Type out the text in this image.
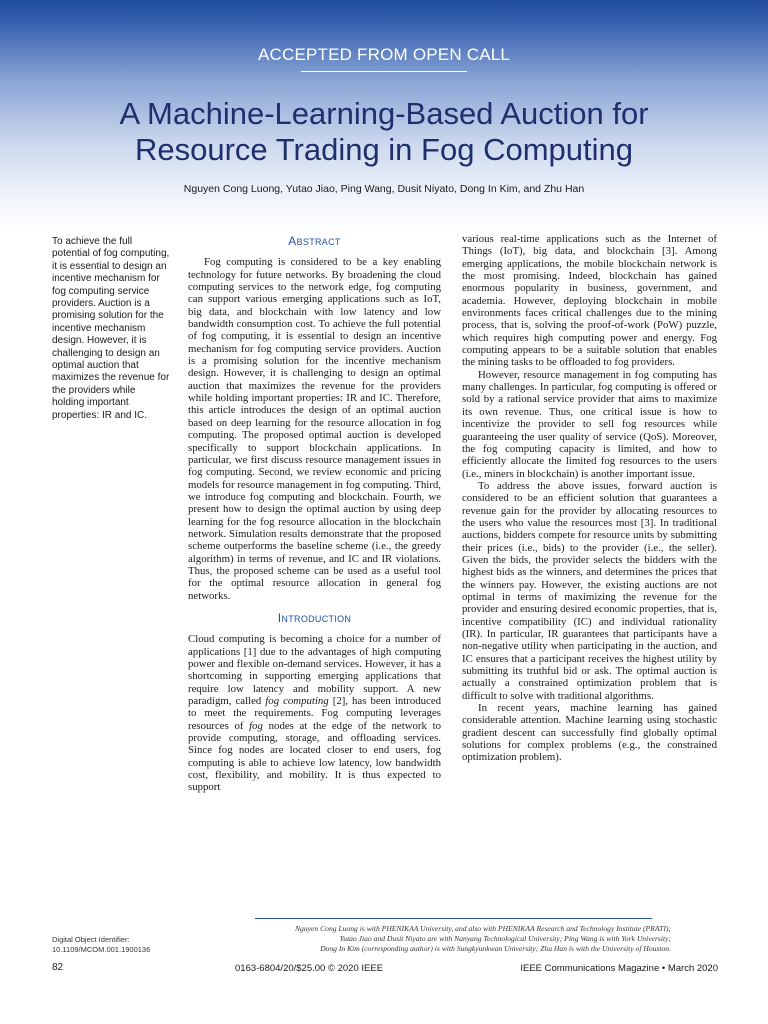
ACCEPTED FROM OPEN CALL
A Machine-Learning-Based Auction for
Resource Trading in Fog Computing
Nguyen Cong Luong, Yutao Jiao, Ping Wang, Dusit Niyato, Dong In Kim, and Zhu Han
To achieve the full potential of fog computing, it is essential to design an incentive mechanism for fog computing service providers. Auction is a promising solution for the incentive mechanism design. However, it is challenging to design an optimal auction that maximizes the revenue for the providers while holding important properties: IR and IC.
ABSTRACT

Fog computing is considered to be a key enabling technology for future networks. By broadening the cloud computing services to the network edge, fog computing can support various emerging applications such as IoT, big data, and blockchain with low latency and low bandwidth consumption cost. To achieve the full potential of fog computing, it is essential to design an incentive mechanism for fog computing service providers. Auction is a promising solution for the incentive mechanism design. However, it is challenging to design an optimal auction that maximizes the revenue for the providers while holding important properties: IR and IC. Therefore, this article introduces the design of an optimal auction based on deep learning for the resource allocation in fog computing. The proposed optimal auction is developed specifically to support blockchain applications. In particular, we first discuss resource management issues in fog computing. Second, we review economic and pricing models for resource management in fog computing. Third, we introduce fog computing and blockchain. Fourth, we present how to design the optimal auction by using deep learning for the fog resource allocation in the blockchain network. Simulation results demonstrate that the proposed scheme outperforms the baseline scheme (i.e., the greedy algorithm) in terms of revenue, and IC and IR violations. Thus, the proposed scheme can be used as a useful tool for the optimal resource allocation in general fog networks.

INTRODUCTION

Cloud computing is becoming a choice for a number of applications [1] due to the advantages of high computing power and flexible on-demand services. However, it has a shortcoming in supporting emerging applications that require low latency and mobility support. A new paradigm, called fog computing [2], has been introduced to meet the requirements. Fog computing leverages resources of fog nodes at the edge of the network to provide computing, storage, and offloading services. Since fog nodes are located closer to end users, fog computing is able to achieve low latency, low bandwidth cost, flexibility, and mobility. It is thus expected to support

various real-time applications such as the Internet of Things (IoT), big data, and blockchain [3]. Among emerging applications, the mobile blockchain network is the most promising. Indeed, blockchain has gained enormous popularity in business, government, and academia. However, deploying blockchain in mobile environments faces critical challenges due to the mining process, that is, solving the proof-of-work (PoW) puzzle, which requires high computing power and energy. Fog computing appears to be a suitable solution that enables the mining tasks to be offloaded to fog providers.

However, resource management in fog computing has many challenges. In particular, fog computing is offered or sold by a rational service provider that aims to maximize its own revenue. Thus, one critical issue is how to incentivize the provider to sell fog resources while guaranteeing the user quality of service (QoS). Moreover, the fog computing capacity is limited, and how to efficiently allocate the limited fog resources to the users (i.e., miners in blockchain) is another important issue.

To address the above issues, forward auction is considered to be an efficient solution that guarantees a revenue gain for the provider by allocating resources to the users who value the resources most [3]. In traditional auctions, bidders compete for resource units by submitting their prices (i.e., bids) to the provider (i.e., the seller). Given the bids, the provider selects the bidders with the highest bids as the winners, and determines the prices that the winners pay. However, the existing auctions are not optimal in terms of maximizing the revenue for the provider and ensuring desired economic properties, that is, incentive compatibility (IC) and individual rationality (IR). In particular, IR guarantees that participants have a non-negative utility when participating in the auction, and IC ensures that a participant receives the highest utility by submitting its truthful bid or ask. The optimal auction is actually a constrained optimization problem that is difficult to solve with traditional algorithms.

In recent years, machine learning has gained considerable attention. Machine learning using stochastic gradient descent can successfully find globally optimal solutions for complex problems (e.g., the constrained optimization problem).

Nguyen Cong Luong is with PHENIKAA University, and also with PHENIKAA Research and Technology Institute (PRATI);
Yutao Jiao and Dusit Niyato are with Nanyang Technological University; Ping Wang is with York University;
Dong In Kim (corresponding author) is with Sungkyunkwan University; Zhu Han is with the University of Houston.
Digital Object Identifier:
10.1109/MCOM.001.1900136
82	0163-6804/20/$25.00 © 2020 IEEE	IEEE Communications Magazine • March 2020
